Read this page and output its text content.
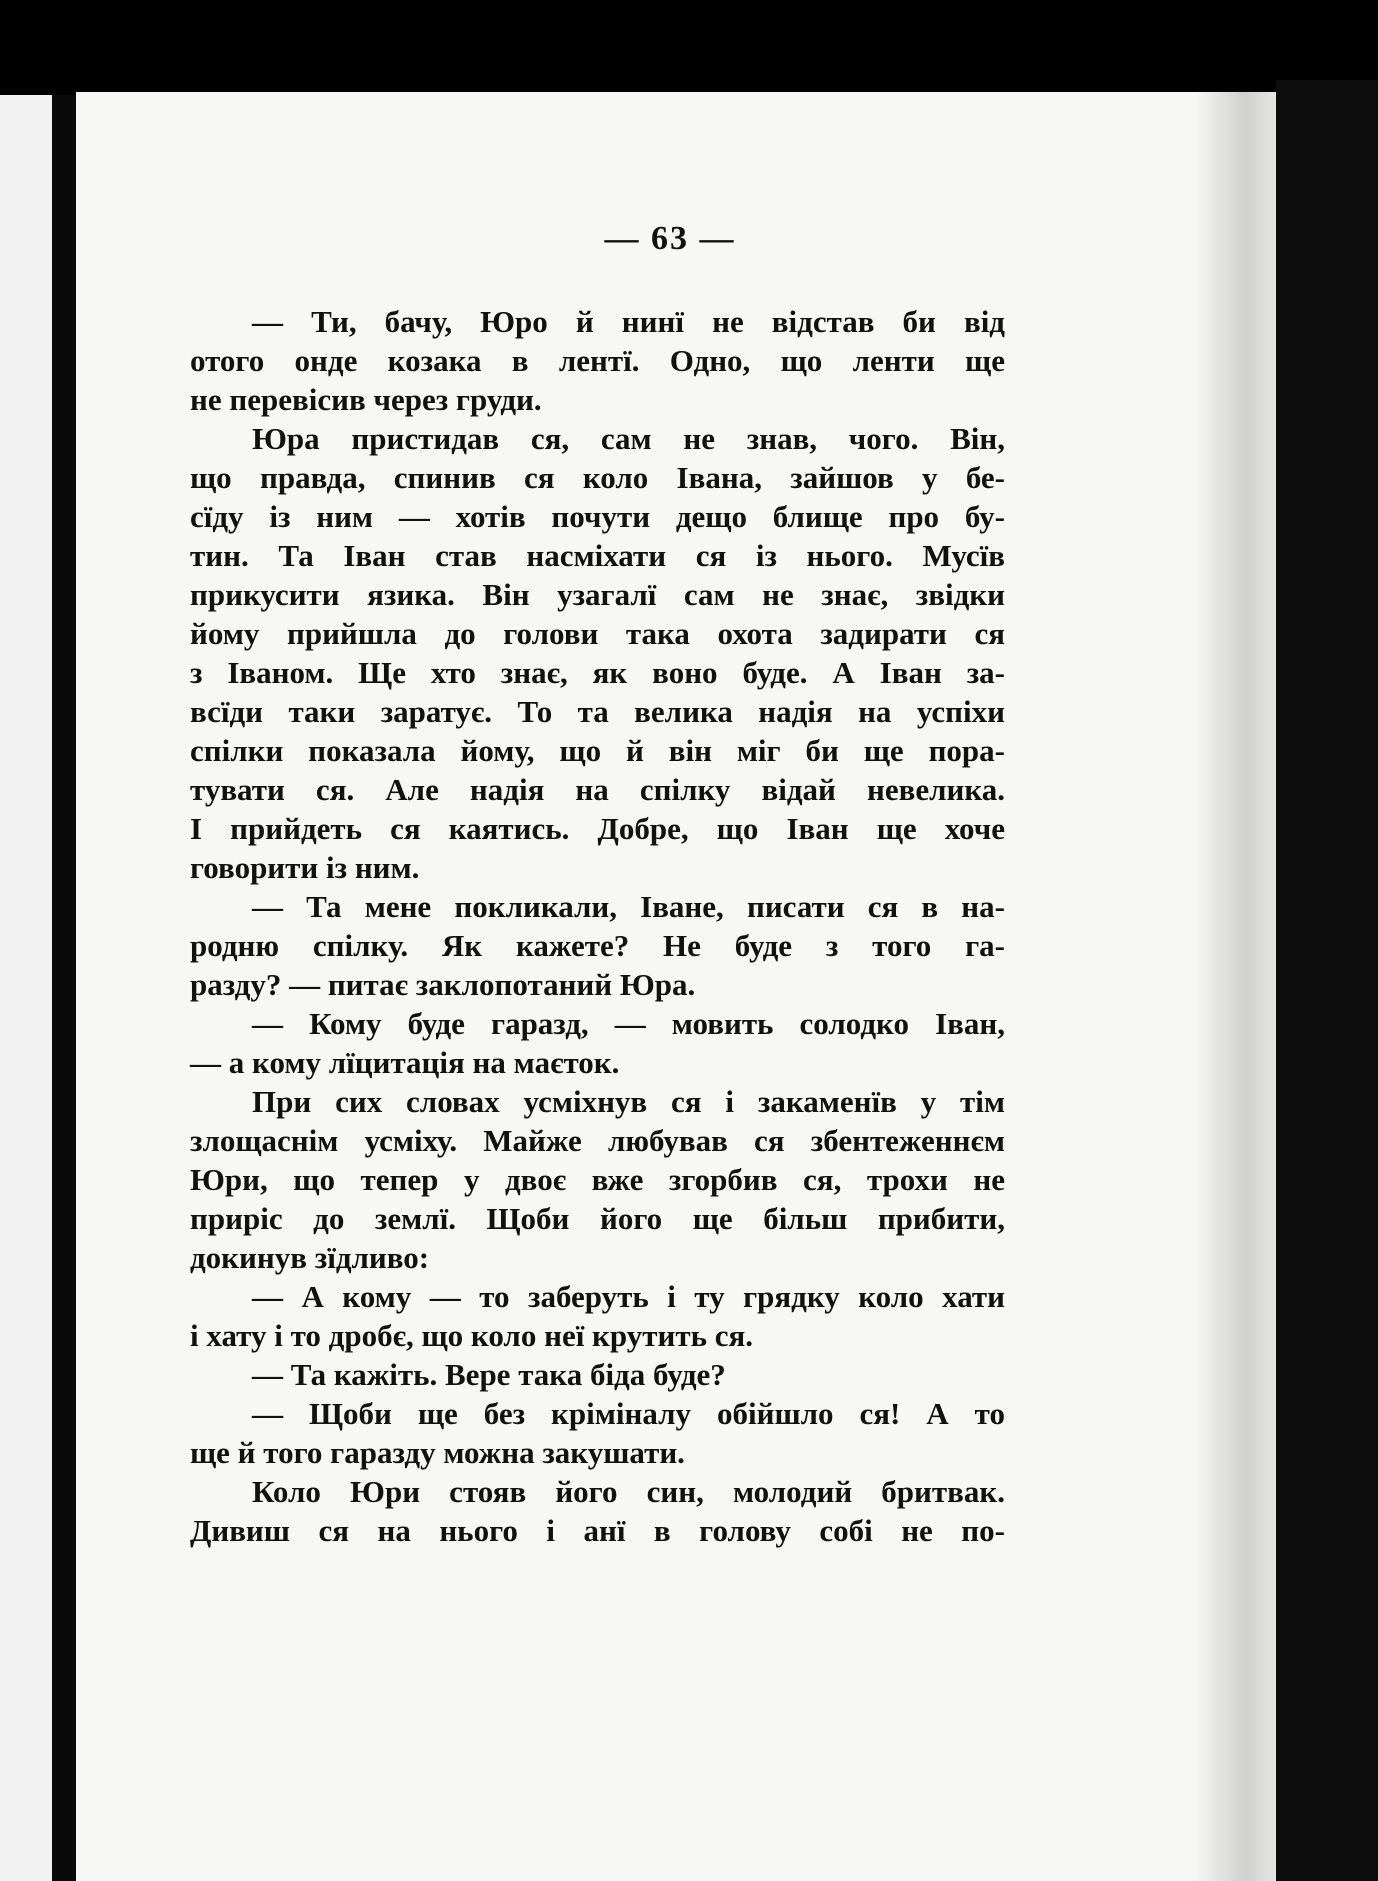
— 63 —
— Ти, бачу, Юро й нинї не відстав би від
отого онде козака в лентї. Одно, що ленти ще
не перевісив через груди.
Юра пристидав ся, сам не знав, чого. Він,
що правда, спинив ся коло Івана, зайшов у бе-
сїду із ним — хотів почути дещо блище про бу-
тин. Та Іван став насміхати ся із нього. Мусїв
прикусити язика. Він узагалї сам не знає, звідки
йому прийшла до голови така охота задирати ся
з Іваном. Ще хто знає, як воно буде. А Іван за-
всїди таки заратує. То та велика надія на успіхи
спілки показала йому, що й він міг би ще пора-
тувати ся. Але надія на спілку відай невелика.
І прийдеть ся каятись. Добре, що Іван ще хоче
говорити із ним.
— Та мене покликали, Іване, писати ся в на-
родню спілку. Як кажете? Не буде з того га-
разду? — питає заклопотаний Юра.
— Кому буде гаразд, — мовить солодко Іван,
— а кому лїцитація на маєток.
При сих словах усміхнув ся і закаменїв у тім
злощаснім усміху. Майже любував ся збентеженнєм
Юри, що тепер у двоє вже згорбив ся, трохи не
приріс до землї. Щоби його ще більш прибити,
докинув зїдливо:
— А кому — то заберуть і ту грядку коло хати
і хату і то дробє, що коло неї крутить ся.
— Та кажіть. Вере така біда буде?
— Щоби ще без кріміналу обійшло ся! А то
ще й того гаразду можна закушати.
Коло Юри стояв його син, молодий бритвак.
Дивиш ся на нього і анї в голову собі не по-
